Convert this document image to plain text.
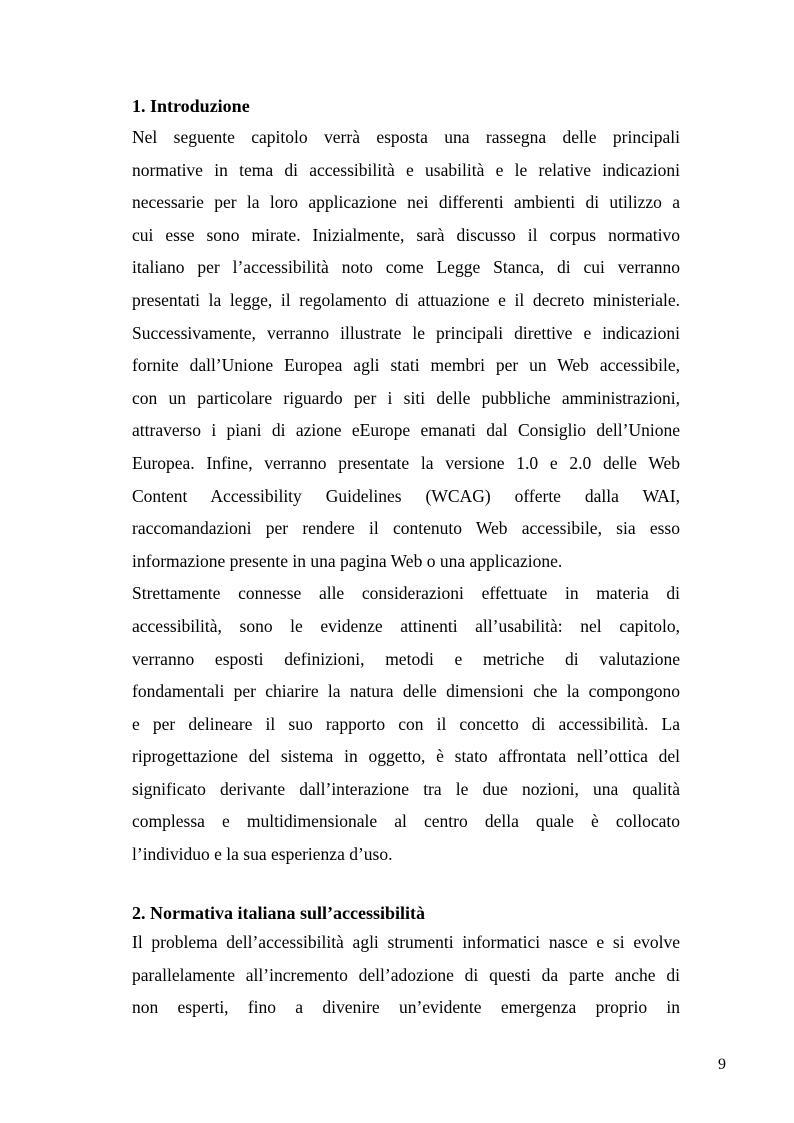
1. Introduzione
Nel seguente capitolo verrà esposta una rassegna delle principali
normative in tema di accessibilità e usabilità e le relative indicazioni
necessarie per la loro applicazione nei differenti ambienti di utilizzo a
cui esse sono mirate. Inizialmente, sarà discusso il corpus normativo
italiano per l’accessibilità noto come Legge Stanca, di cui verranno
presentati la legge, il regolamento di attuazione e il decreto ministeriale.
Successivamente, verranno illustrate le principali direttive e indicazioni
fornite dall’Unione Europea agli stati membri per un Web accessibile,
con un particolare riguardo per i siti delle pubbliche amministrazioni,
attraverso i piani di azione eEurope emanati dal Consiglio dell’Unione
Europea. Infine, verranno presentate la versione 1.0 e 2.0 delle Web
Content Accessibility Guidelines (WCAG) offerte dalla WAI,
raccomandazioni per rendere il contenuto Web accessibile, sia esso
informazione presente in una pagina Web o una applicazione.
Strettamente connesse alle considerazioni effettuate in materia di
accessibilità, sono le evidenze attinenti all’usabilità: nel capitolo,
verranno esposti definizioni, metodi e metriche di valutazione
fondamentali per chiarire la natura delle dimensioni che la compongono
e per delineare il suo rapporto con il concetto di accessibilità. La
riprogettazione del sistema in oggetto, è stato affrontata nell’ottica del
significato derivante dall’interazione tra le due nozioni, una qualità
complessa e multidimensionale al centro della quale è collocato
l’individuo e la sua esperienza d’uso.
2. Normativa italiana sull’accessibilità
Il problema dell’accessibilità agli strumenti informatici nasce e si evolve
parallelamente all’incremento dell’adozione di questi da parte anche di
non esperti, fino a divenire un’evidente emergenza proprio in
9
